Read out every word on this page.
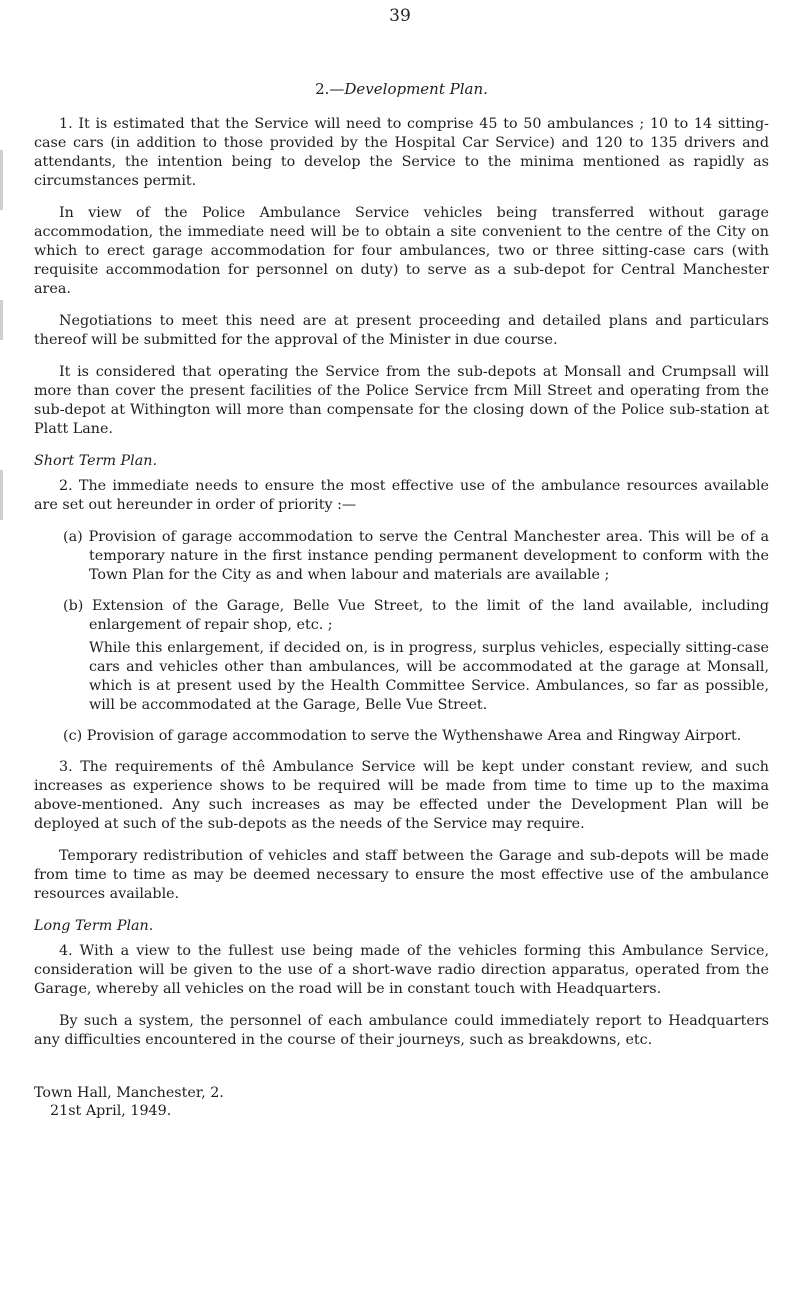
39
2.—Development Plan.

1. It is estimated that the Service will need to comprise 45 to 50 ambulances ; 10 to 14 sitting-case cars (in addition to those provided by the Hospital Car Service) and 120 to 135 drivers and attendants, the intention being to develop the Service to the minima mentioned as rapidly as circumstances permit.

In view of the Police Ambulance Service vehicles being transferred without garage accommodation, the immediate need will be to obtain a site convenient to the centre of the City on which to erect garage accommodation for four ambulances, two or three sitting-case cars (with requisite accommodation for personnel on duty) to serve as a sub-depot for Central Manchester area.

Negotiations to meet this need are at present proceeding and detailed plans and particulars thereof will be submitted for the approval of the Minister in due course.

It is considered that operating the Service from the sub-depots at Monsall and Crumpsall will more than cover the present facilities of the Police Service frcm Mill Street and operating from the sub-depot at Withington will more than compensate for the closing down of the Police sub-station at Platt Lane.

Short Term Plan.

2. The immediate needs to ensure the most effective use of the ambulance resources available are set out hereunder in order of priority :—

(a) Provision of garage accommodation to serve the Central Manchester area. This will be of a temporary nature in the first instance pending permanent development to conform with the Town Plan for the City as and when labour and materials are available ;
(b) Extension of the Garage, Belle Vue Street, to the limit of the land available, including enlargement of repair shop, etc. ;
While this enlargement, if decided on, is in progress, surplus vehicles, especially sitting-case cars and vehicles other than ambulances, will be accommodated at the garage at Monsall, which is at present used by the Health Committee Service. Ambulances, so far as possible, will be accommodated at the Garage, Belle Vue Street.
(c) Provision of garage accommodation to serve the Wythenshawe Area and Ringway Airport.

3. The requirements of thê Ambulance Service will be kept under constant review, and such increases as experience shows to be required will be made from time to time up to the maxima above-mentioned. Any such increases as may be effected under the Development Plan will be deployed at such of the sub-depots as the needs of the Service may require.

Temporary redistribution of vehicles and staff between the Garage and sub-depots will be made from time to time as may be deemed necessary to ensure the most effective use of the ambulance resources available.

Long Term Plan.

4. With a view to the fullest use being made of the vehicles forming this Ambulance Service, consideration will be given to the use of a short-wave radio direction apparatus, operated from the Garage, whereby all vehicles on the road will be in constant touch with Headquarters.

By such a system, the personnel of each ambulance could immediately report to Headquarters any difficulties encountered in the course of their journeys, such as breakdowns, etc.

Town Hall, Manchester, 2.
21st April, 1949.
